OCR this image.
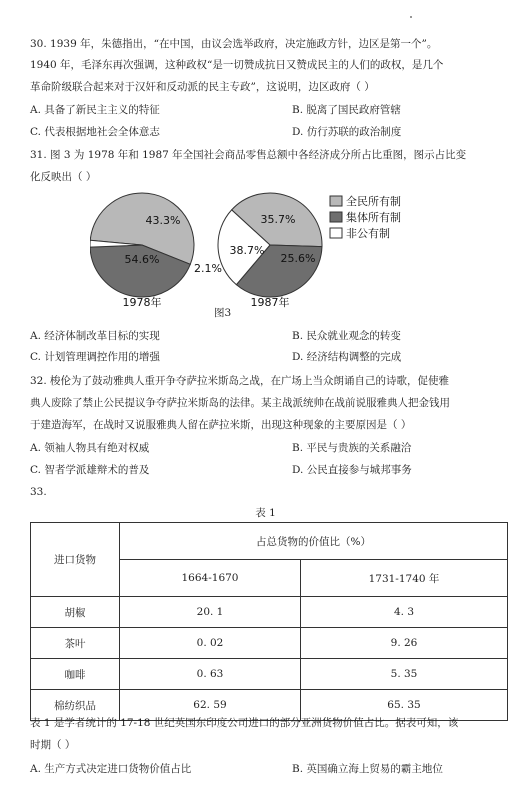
30. 1939 年，朱德指出，“在中国，由议会选举政府，决定施政方针，边区是第一个”。
1940 年，毛泽东再次强调，这种政权“是一切赞成抗日又赞成民主的人们的政权，是几个
革命阶级联合起来对于汉奸和反动派的民主专政”，这说明，边区政府（ ）
A. 具备了新民主主义的特征	B. 脱离了国民政府管辖
C. 代表根据地社会全体意志	D. 仿行苏联的政治制度
31. 图 3 为 1978 年和 1987 年全国社会商品零售总额中各经济成分所占比重图，图示占比变
化反映出（ ）
54.6%
43.3%
2.1%
1978年
38.7%
35.7%
25.6%
1987年
全民所有制
集体所有制
非公有制
图3
A. 经济体制改革目标的实现	B. 民众就业观念的转变
C. 计划管理调控作用的增强	D. 经济结构调整的完成
32. 梭伦为了鼓动雅典人重开争夺萨拉米斯岛之战，在广场上当众朗诵自己的诗歌，促使雅
典人废除了禁止公民提议争夺萨拉米斯岛的法律。某主战派统帅在战前说服雅典人把金钱用
于建造海军，在战时又说服雅典人留在萨拉米斯，出现这种现象的主要原因是（ ）
A. 领袖人物具有绝对权威	B. 平民与贵族的关系融洽
C. 智者学派雄辩术的普及	D. 公民直接参与城邦事务
33.
表 1
进口货物	占总货物的价值比（%）	
	1664-1670	1731-1740 年
胡椒	20. 1	4. 3
茶叶	0. 02	9. 26
咖啡	0. 63	5. 35
棉纺织品	62. 59	65. 35
表 1 是学者统计的 17-18 世纪英国东印度公司进口的部分亚洲货物价值占比。据表可知，该
时期（ ）
A. 生产方式决定进口货物价值占比	B. 英国确立海上贸易的霸主地位
